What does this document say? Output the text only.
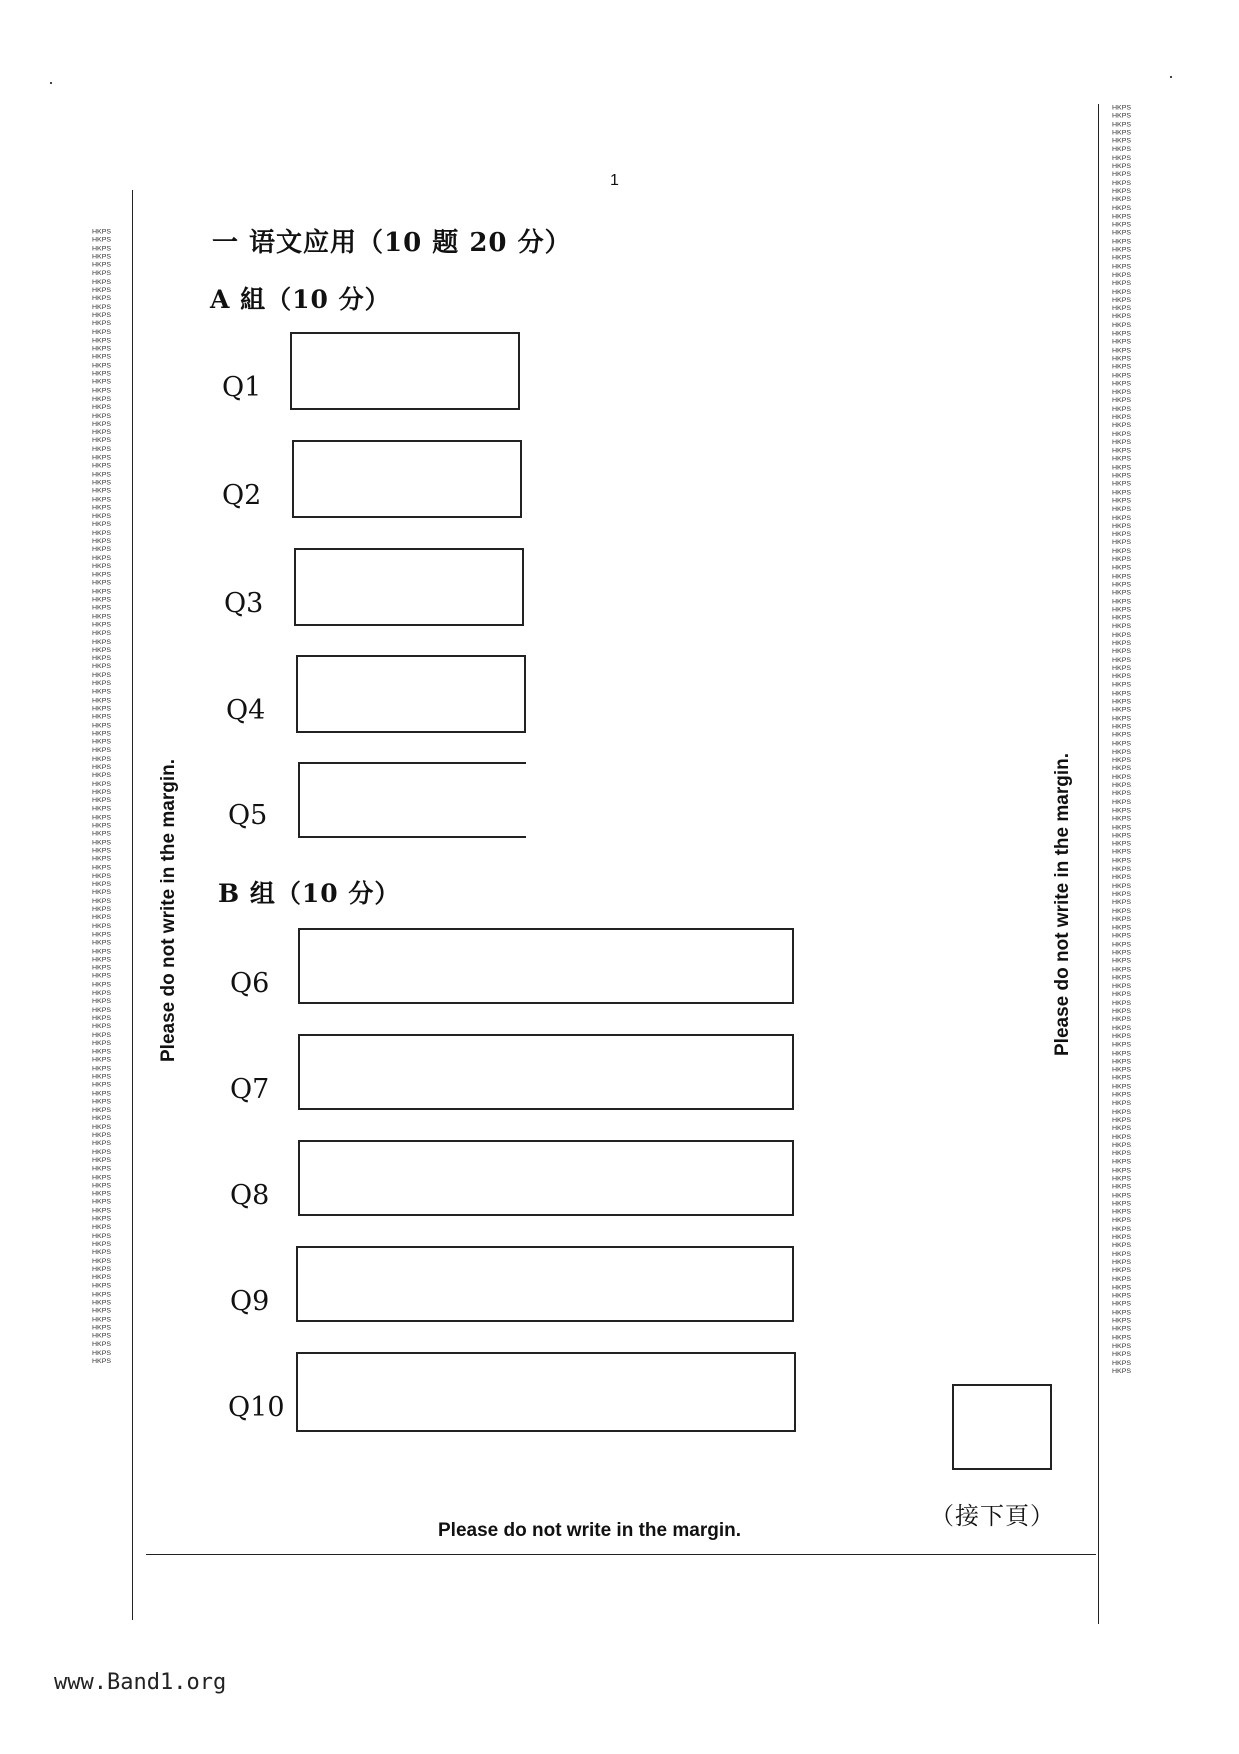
HKPS
HKPS
HKPS
HKPS
HKPS
HKPS
HKPS
HKPS
HKPS
HKPS
HKPS
HKPS
HKPS
HKPS
HKPS
HKPS
HKPS
HKPS
HKPS
HKPS
HKPS
HKPS
HKPS
HKPS
HKPS
HKPS
HKPS
HKPS
HKPS
HKPS
HKPS
HKPS
HKPS
HKPS
HKPS
HKPS
HKPS
HKPS
HKPS
HKPS
HKPS
HKPS
HKPS
HKPS
HKPS
HKPS
HKPS
HKPS
HKPS
HKPS
HKPS
HKPS
HKPS
HKPS
HKPS
HKPS
HKPS
HKPS
HKPS
HKPS
HKPS
HKPS
HKPS
HKPS
HKPS
HKPS
HKPS
HKPS
HKPS
HKPS
HKPS
HKPS
HKPS
HKPS
HKPS
HKPS
HKPS
HKPS
HKPS
HKPS
HKPS
HKPS
HKPS
HKPS
HKPS
HKPS
HKPS
HKPS
HKPS
HKPS
HKPS
HKPS
HKPS
HKPS
HKPS
HKPS
HKPS
HKPS
HKPS
HKPS
HKPS
HKPS
HKPS
HKPS
HKPS
HKPS
HKPS
HKPS
HKPS
HKPS
HKPS
HKPS
HKPS
HKPS
HKPS
HKPS
HKPS
HKPS
HKPS
HKPS
HKPS
HKPS
HKPS
HKPS
HKPS
HKPS
HKPS
HKPS
HKPS
HKPS
HKPS
HKPS
HKPS
HKPS
HKPS
HKPS
HKPS
HKPS
HKPS
HKPS
HKPS
HKPS
HKPS
HKPS
HKPS
HKPS
HKPS
HKPS
HKPS
HKPS
HKPS
HKPS
HKPS
HKPS
HKPS
HKPS
HKPS
HKPS
HKPS
HKPS
HKPS
HKPS
HKPS
HKPS
HKPS
HKPS
HKPS
HKPS
HKPS
HKPS
HKPS
HKPS
HKPS
HKPS
HKPS
HKPS
HKPS
HKPS
HKPS
HKPS
HKPS
HKPS
HKPS
HKPS
HKPS
HKPS
HKPS
HKPS
HKPS
HKPS
HKPS
HKPS
HKPS
HKPS
HKPS
HKPS
HKPS
HKPS
HKPS
HKPS
HKPS
HKPS
HKPS
HKPS
HKPS
HKPS
HKPS
HKPS
HKPS
HKPS
HKPS
HKPS
HKPS
HKPS
HKPS
HKPS
HKPS
HKPS
HKPS
HKPS
HKPS
HKPS
HKPS
HKPS
HKPS
HKPS
HKPS
HKPS
HKPS
HKPS
HKPS
HKPS
HKPS
HKPS
HKPS
HKPS
HKPS
HKPS
HKPS
HKPS
HKPS
HKPS
HKPS
HKPS
HKPS
HKPS
HKPS
HKPS
HKPS
HKPS
HKPS
HKPS
HKPS
HKPS
HKPS
HKPS
HKPS
HKPS
HKPS
HKPS
HKPS
HKPS
HKPS
HKPS
HKPS
HKPS
HKPS
HKPS
HKPS
HKPS
HKPS
HKPS
HKPS
HKPS
HKPS
HKPS
HKPS
HKPS
HKPS
HKPS
HKPS
HKPS
HKPS
HKPS
HKPS
HKPS
HKPS
HKPS
1
一 语文应用（10 题 20 分）
A 組（10 分）
Q1
Q2
Q3
Q4
Q5
B 组（10 分）
Q6
Q7
Q8
Q9
Q10
（接下頁）
Please do not write in the margin.	Please do not write in the margin.
Please do not write in the margin.
www.Band1.org
